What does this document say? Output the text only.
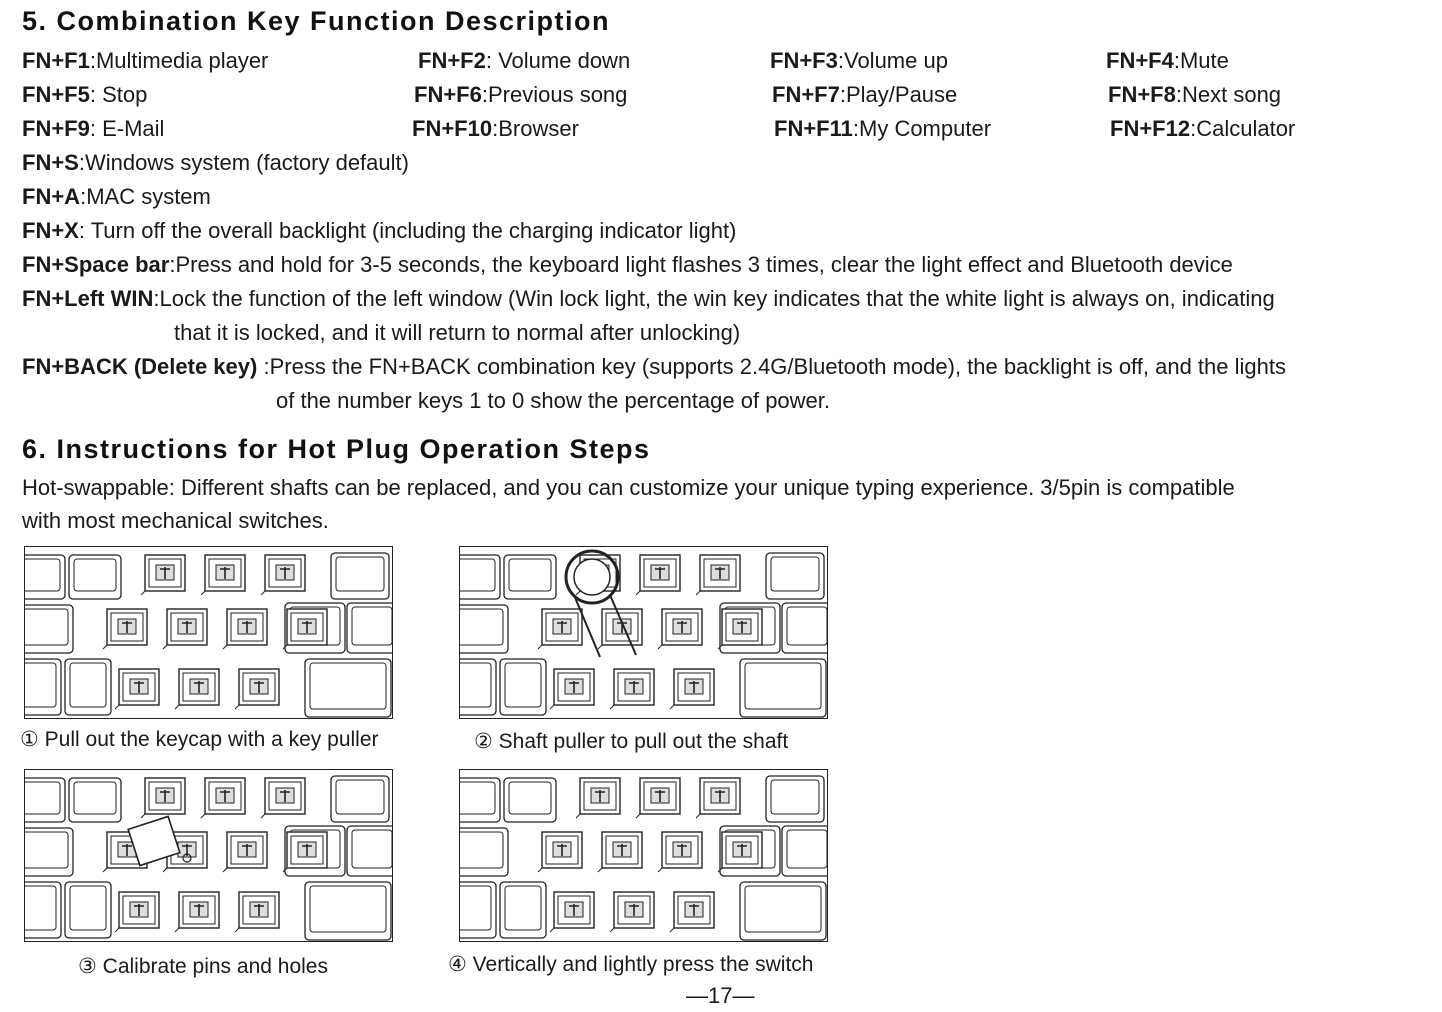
5. Combination Key Function Description
FN+F1:Multimedia player	FN+F2: Volume down	FN+F3:Volume up	FN+F4:Mute
FN+F5: Stop	FN+F6:Previous song	FN+F7:Play/Pause	FN+F8:Next song
FN+F9: E-Mail	FN+F10:Browser	FN+F11:My Computer	FN+F12:Calculator
FN+S:Windows system (factory default)
FN+A:MAC system
FN+X: Turn off the overall backlight (including the charging indicator light)
FN+Space bar:Press and hold for 3-5 seconds, the keyboard light flashes 3 times, clear the light effect and Bluetooth device
FN+Left WIN:Lock the function of the left window (Win lock light, the win key indicates that the white light is always on, indicating
that it is locked, and it will return to normal after unlocking)
FN+BACK (Delete key) :Press the FN+BACK combination key (supports 2.4G/Bluetooth mode), the backlight is off, and the lights
of the number keys 1 to 0 show the percentage of power.
6. Instructions for Hot Plug Operation Steps
Hot-swappable: Different shafts can be replaced, and you can customize your unique typing experience. 3/5pin is compatible
with most mechanical switches.
① Pull out the keycap with a key puller	② Shaft puller to pull out the shaft
③ Calibrate pins and holes	④ Vertically and lightly press the switch
—17—
